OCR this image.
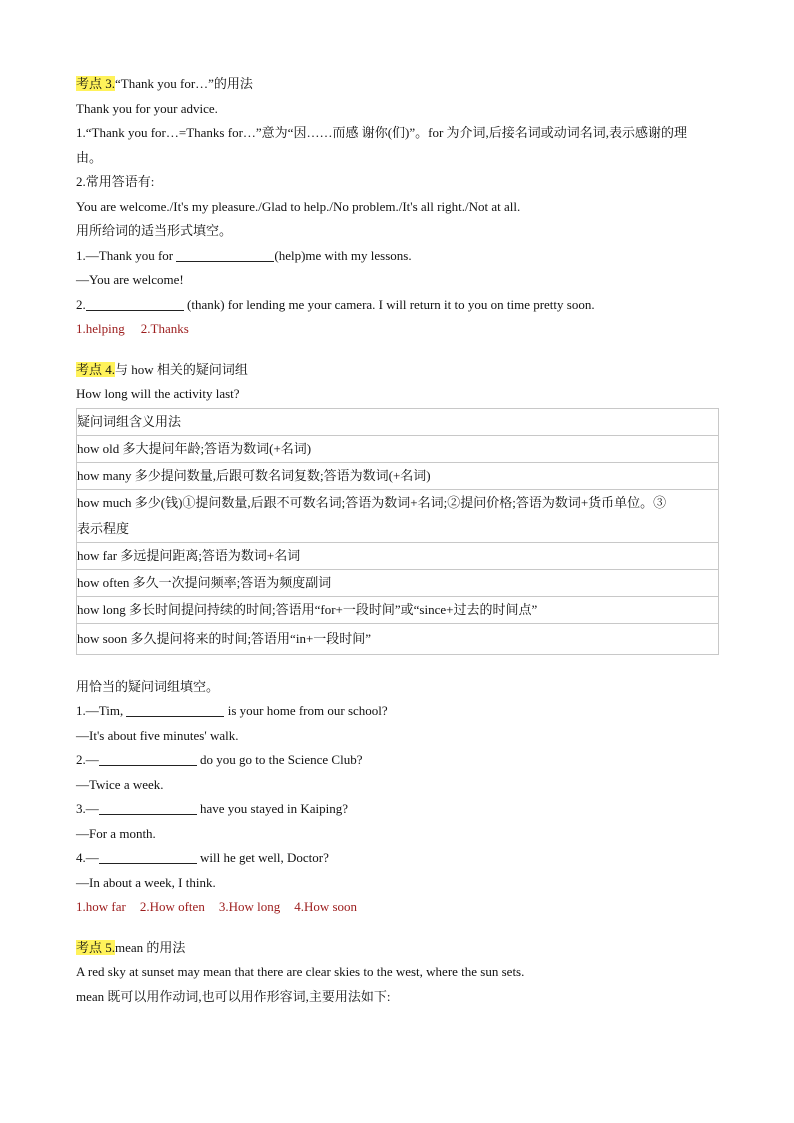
考点 3.“Thank you for…”的用法
Thank you for your advice.
1.“Thank you for…=Thanks for…”意为“因……而感 谢你(们)”。for 为介词,后接名词或动词名词,表示感谢的理
由。
2.常用答语有:
You are welcome./It's my pleasure./Glad to help./No problem./It's all right./Not at all.
用所给词的适当形式填空。
1.—Thank you for	(help)me with my lessons.
—You are welcome!
2.	(thank) for lending me your camera. I will return it to you on time pretty soon.
1.helping 2.Thanks
考点 4.与 how 相关的疑问词组
How long will the activity last?
疑问词组含义用法

how old 多大提问年龄;答语为数词(+名词)

how many 多少提问数量,后跟可数名词复数;答语为数词(+名词)

how much 多少(钱)①提问数量,后跟不可数名词;答语为数词+名词;②提问价格;答语为数词+货币单位。③
表示程度

how far 多远提问距离;答语为数词+名词

how often 多久一次提问频率;答语为频度副词

how long 多长时间提问持续的时间;答语用“for+一段时间”或“since+过去的时间点”

how soon 多久提问将来的时间;答语用“in+一段时间”
用恰当的疑问词组填空。
1.—Tim,	is your home from our school?
—It's about five minutes' walk.
2.—	do you go to the Science Club?
—Twice a week.
3.—	have you stayed in Kaiping?
—For a month.
4.—	will he get well, Doctor?
—In about a week, I think.
1.how far 2.How often 3.How long 4.How soon
考点 5.mean 的用法
A red sky at sunset may mean that there are clear skies to the west, where the sun sets.
mean 既可以用作动词,也可以用作形容词,主要用法如下:
